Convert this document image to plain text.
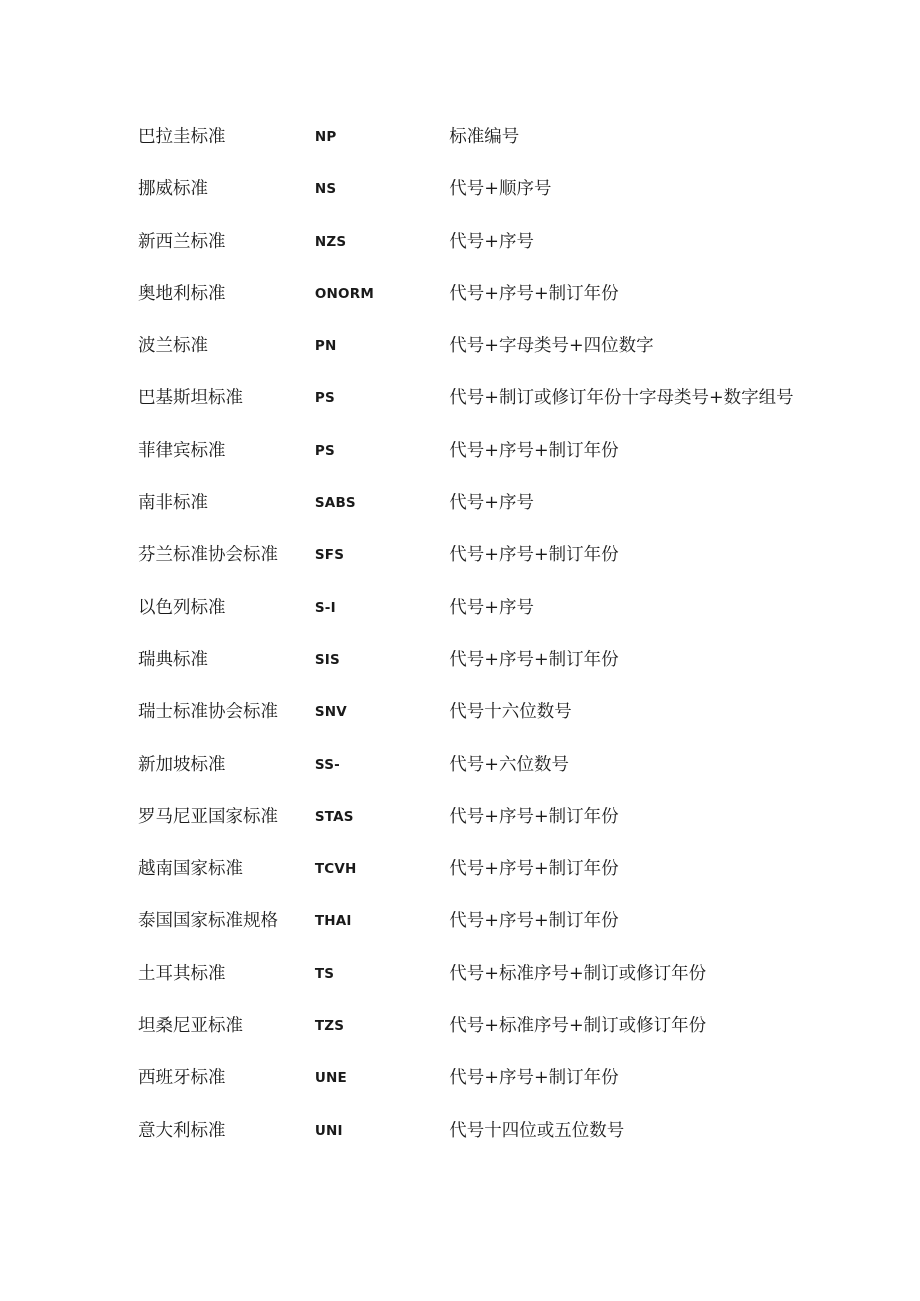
巴拉圭标准	NP	标准编号
挪威标准	NS	代号+顺序号
新西兰标准	NZS	代号+序号
奥地利标准	ONORM	代号+序号+制订年份
波兰标准	PN	代号+字母类号+四位数字
巴基斯坦标准	PS	代号+制订或修订年份十字母类号+数字组号
菲律宾标准	PS	代号+序号+制订年份
南非标准	SABS	代号+序号
芬兰标准协会标准	SFS	代号+序号+制订年份
以色列标准	S-I	代号+序号
瑞典标准	SIS	代号+序号+制订年份
瑞士标准协会标准	SNV	代号十六位数号
新加坡标准	SS-	代号+六位数号
罗马尼亚国家标准	STAS	代号+序号+制订年份
越南国家标准	TCVH	代号+序号+制订年份
泰国国家标准规格	THAI	代号+序号+制订年份
土耳其标准	TS	代号+标准序号+制订或修订年份
坦桑尼亚标准	TZS	代号+标准序号+制订或修订年份
西班牙标准	UNE	代号+序号+制订年份
意大利标准	UNI	代号十四位或五位数号
